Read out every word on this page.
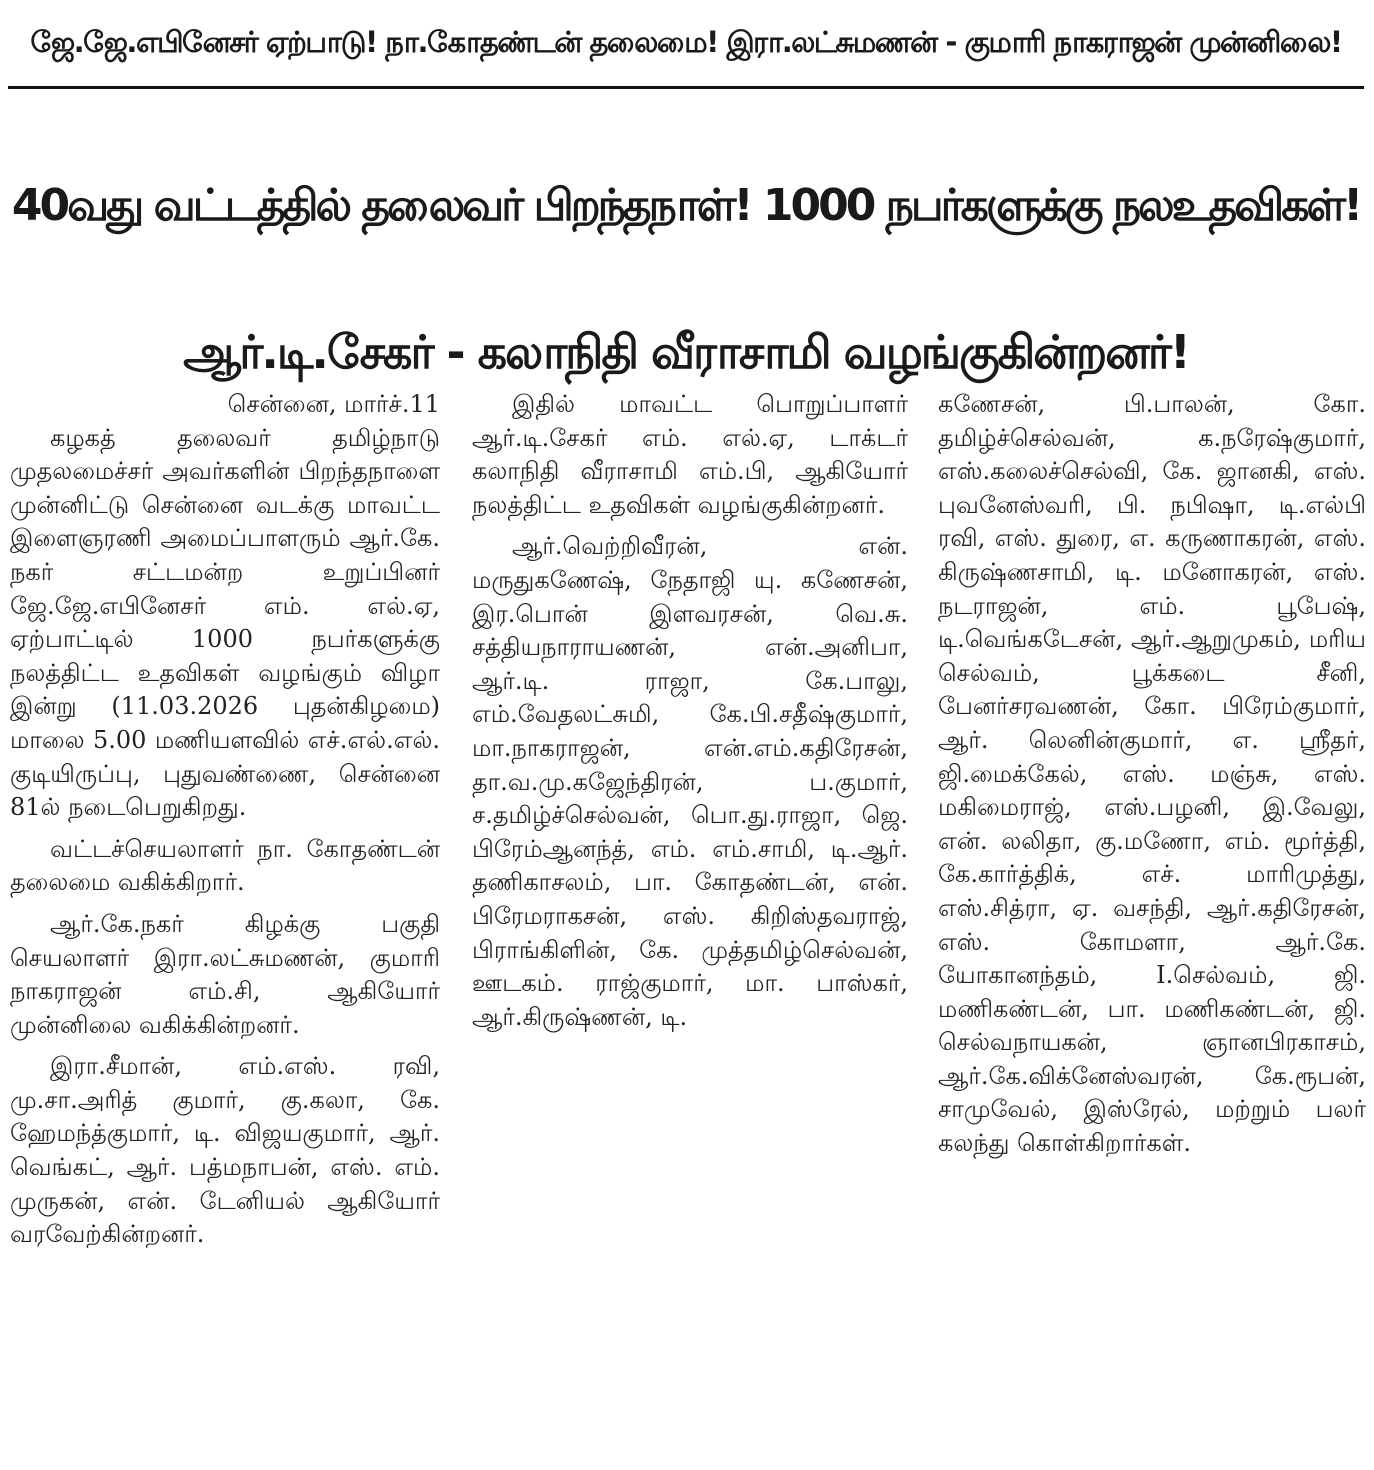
ஜே.ஜே.எபினேசர் ஏற்பாடு! நா.கோதண்டன் தலைமை! இரா.லட்சுமணன் - குமாரி நாகராஜன் முன்னிலை!
40வது வட்டத்தில் தலைவர் பிறந்தநாள்! 1000 நபர்களுக்கு நலஉதவிகள்!
ஆர்.டி.சேகர் - கலாநிதி வீராசாமி வழங்குகின்றனர்!

சென்னை, மார்ச்.11

கழகத் தலைவர் தமிழ்நாடு முதலமைச்சர் அவர்களின் பிறந்தநாளை முன்னிட்டு சென்னை வடக்கு மாவட்ட இளைஞரணி அமைப்பாளரும் ஆர்.கே. நகர் சட்டமன்ற உறுப்பினர் ஜே.ஜே.எபினேசர் எம். எல்.ஏ, ஏற்பாட்டில் 1000 நபர்களுக்கு நலத்திட்ட உதவிகள் வழங்கும் விழா இன்று (11.03.2026 புதன்கிழமை) மாலை 5.00 மணியளவில் எச்.எல்.எல். குடியிருப்பு, புதுவண்ணை, சென்னை 81ல் நடைபெறுகிறது.

வட்டச்செயலாளர் நா. கோதண்டன் தலைமை வகிக்கிறார்.

ஆர்.கே.நகர் கிழக்கு பகுதி செயலாளர் இரா.லட்சுமணன், குமாரி நாகராஜன் எம்.சி, ஆகியோர் முன்னிலை வகிக்கின்றனர்.

இரா.சீமான், எம்.எஸ். ரவி, மு.சா.அரித் குமார், கு.கலா, கே. ஹேமந்த்குமார், டி. விஜயகுமார், ஆர். வெங்கட், ஆர். பத்மநாபன், எஸ். எம். முருகன், என். டேனியல் ஆகியோர் வரவேற்கின்றனர்.

இதில் மாவட்ட பொறுப்பாளர் ஆர்.டி.சேகர் எம். எல்.ஏ, டாக்டர் கலாநிதி வீராசாமி எம்.பி, ஆகியோர் நலத்திட்ட உதவிகள் வழங்குகின்றனர்.

ஆர்.வெற்றிவீரன், என். மருதுகணேஷ், நேதாஜி யு. கணேசன், இர.பொன் இளவரசன், வெ.சு. சத்தியநாராயணன், என்.அனிபா, ஆர்.டி. ராஜா, கே.பாலு, எம்.வேதலட்சுமி, கே.பி.சதீஷ்குமார், மா.நாகராஜன், என்.எம்.கதிரேசன், தா.வ.மு.கஜேந்திரன், ப.குமார், ச.தமிழ்ச்செல்வன், பொ.து.ராஜா, ஜெ. பிரேம்ஆனந்த், எம். எம்.சாமி, டி.ஆர். தணிகாசலம், பா. கோதண்டன், என். பிரேமராகசன், எஸ். கிறிஸ்தவராஜ், பிராங்கிளின், கே. முத்தமிழ்செல்வன், ஊடகம். ராஜ்குமார், மா. பாஸ்கர், ஆர்.கிருஷ்ணன், டி.

கணேசன், பி.பாலன், கோ. தமிழ்ச்செல்வன், க.நரேஷ்குமார், எஸ்.கலைச்செல்வி, கே. ஜானகி, எஸ். புவனேஸ்வரி, பி. நபிஷா, டி.எல்பி ரவி, எஸ். துரை, எ. கருணாகரன், எஸ். கிருஷ்ணசாமி, டி. மனோகரன், எஸ். நடராஜன், எம். பூபேஷ், டி.வெங்கடேசன், ஆர்.ஆறுமுகம், மரிய செல்வம், பூக்கடை சீனி, பேனர்சரவணன், கோ. பிரேம்குமார், ஆர். லெனின்குமார், எ. ஸ்ரீதர், ஜி.மைக்கேல், எஸ். மஞ்சு, எஸ். மகிமைராஜ், எஸ்.பழனி, இ.வேலு, என். லலிதா, கு.மணோ, எம். மூர்த்தி, கே.கார்த்திக், எச். மாரிமுத்து, எஸ்.சித்ரா, ஏ. வசந்தி, ஆர்.கதிரேசன், எஸ். கோமளா, ஆர்.கே. யோகானந்தம், I.செல்வம், ஜி. மணிகண்டன், பா. மணிகண்டன், ஜி. செல்வநாயகன், ஞானபிரகாசம், ஆர்.கே.விக்னேஸ்வரன், கே.ரூபன், சாமுவேல், இஸ்ரேல், மற்றும் பலர் கலந்து கொள்கிறார்கள்.
